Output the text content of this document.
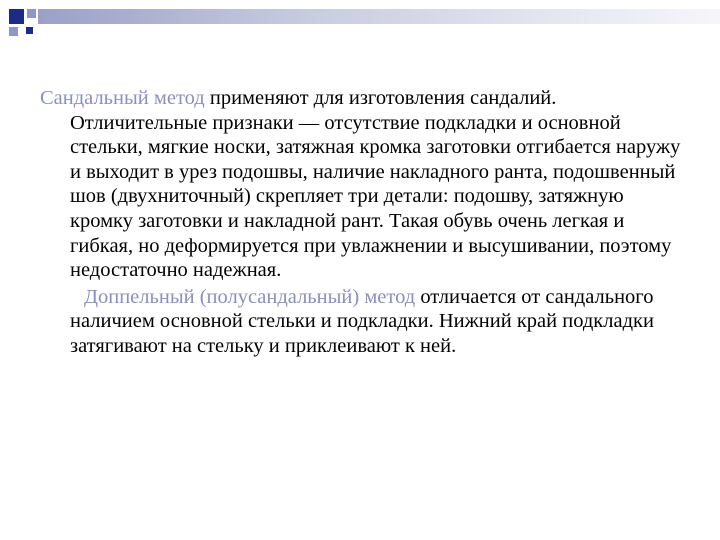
Сандальный метод применяют для изготовления сандалий. Отличительные признаки — отсутствие подкладки и основной стельки, мягкие носки, затяжная кромка заготовки отгибается наружу и выходит в урез подошвы, наличие накладного ранта, подошвенный шов (двухниточный) скрепляет три детали: подошву, затяжную кромку заготовки и накладной рант. Такая обувь очень легкая и гибкая, но деформируется при увлажнении и высушивании, поэтому недостаточно надежная.

Доппельный (полусандальный) метод отличается от сандального наличием основной стельки и подкладки. Нижний край подкладки затягивают на стельку и приклеивают к ней.
